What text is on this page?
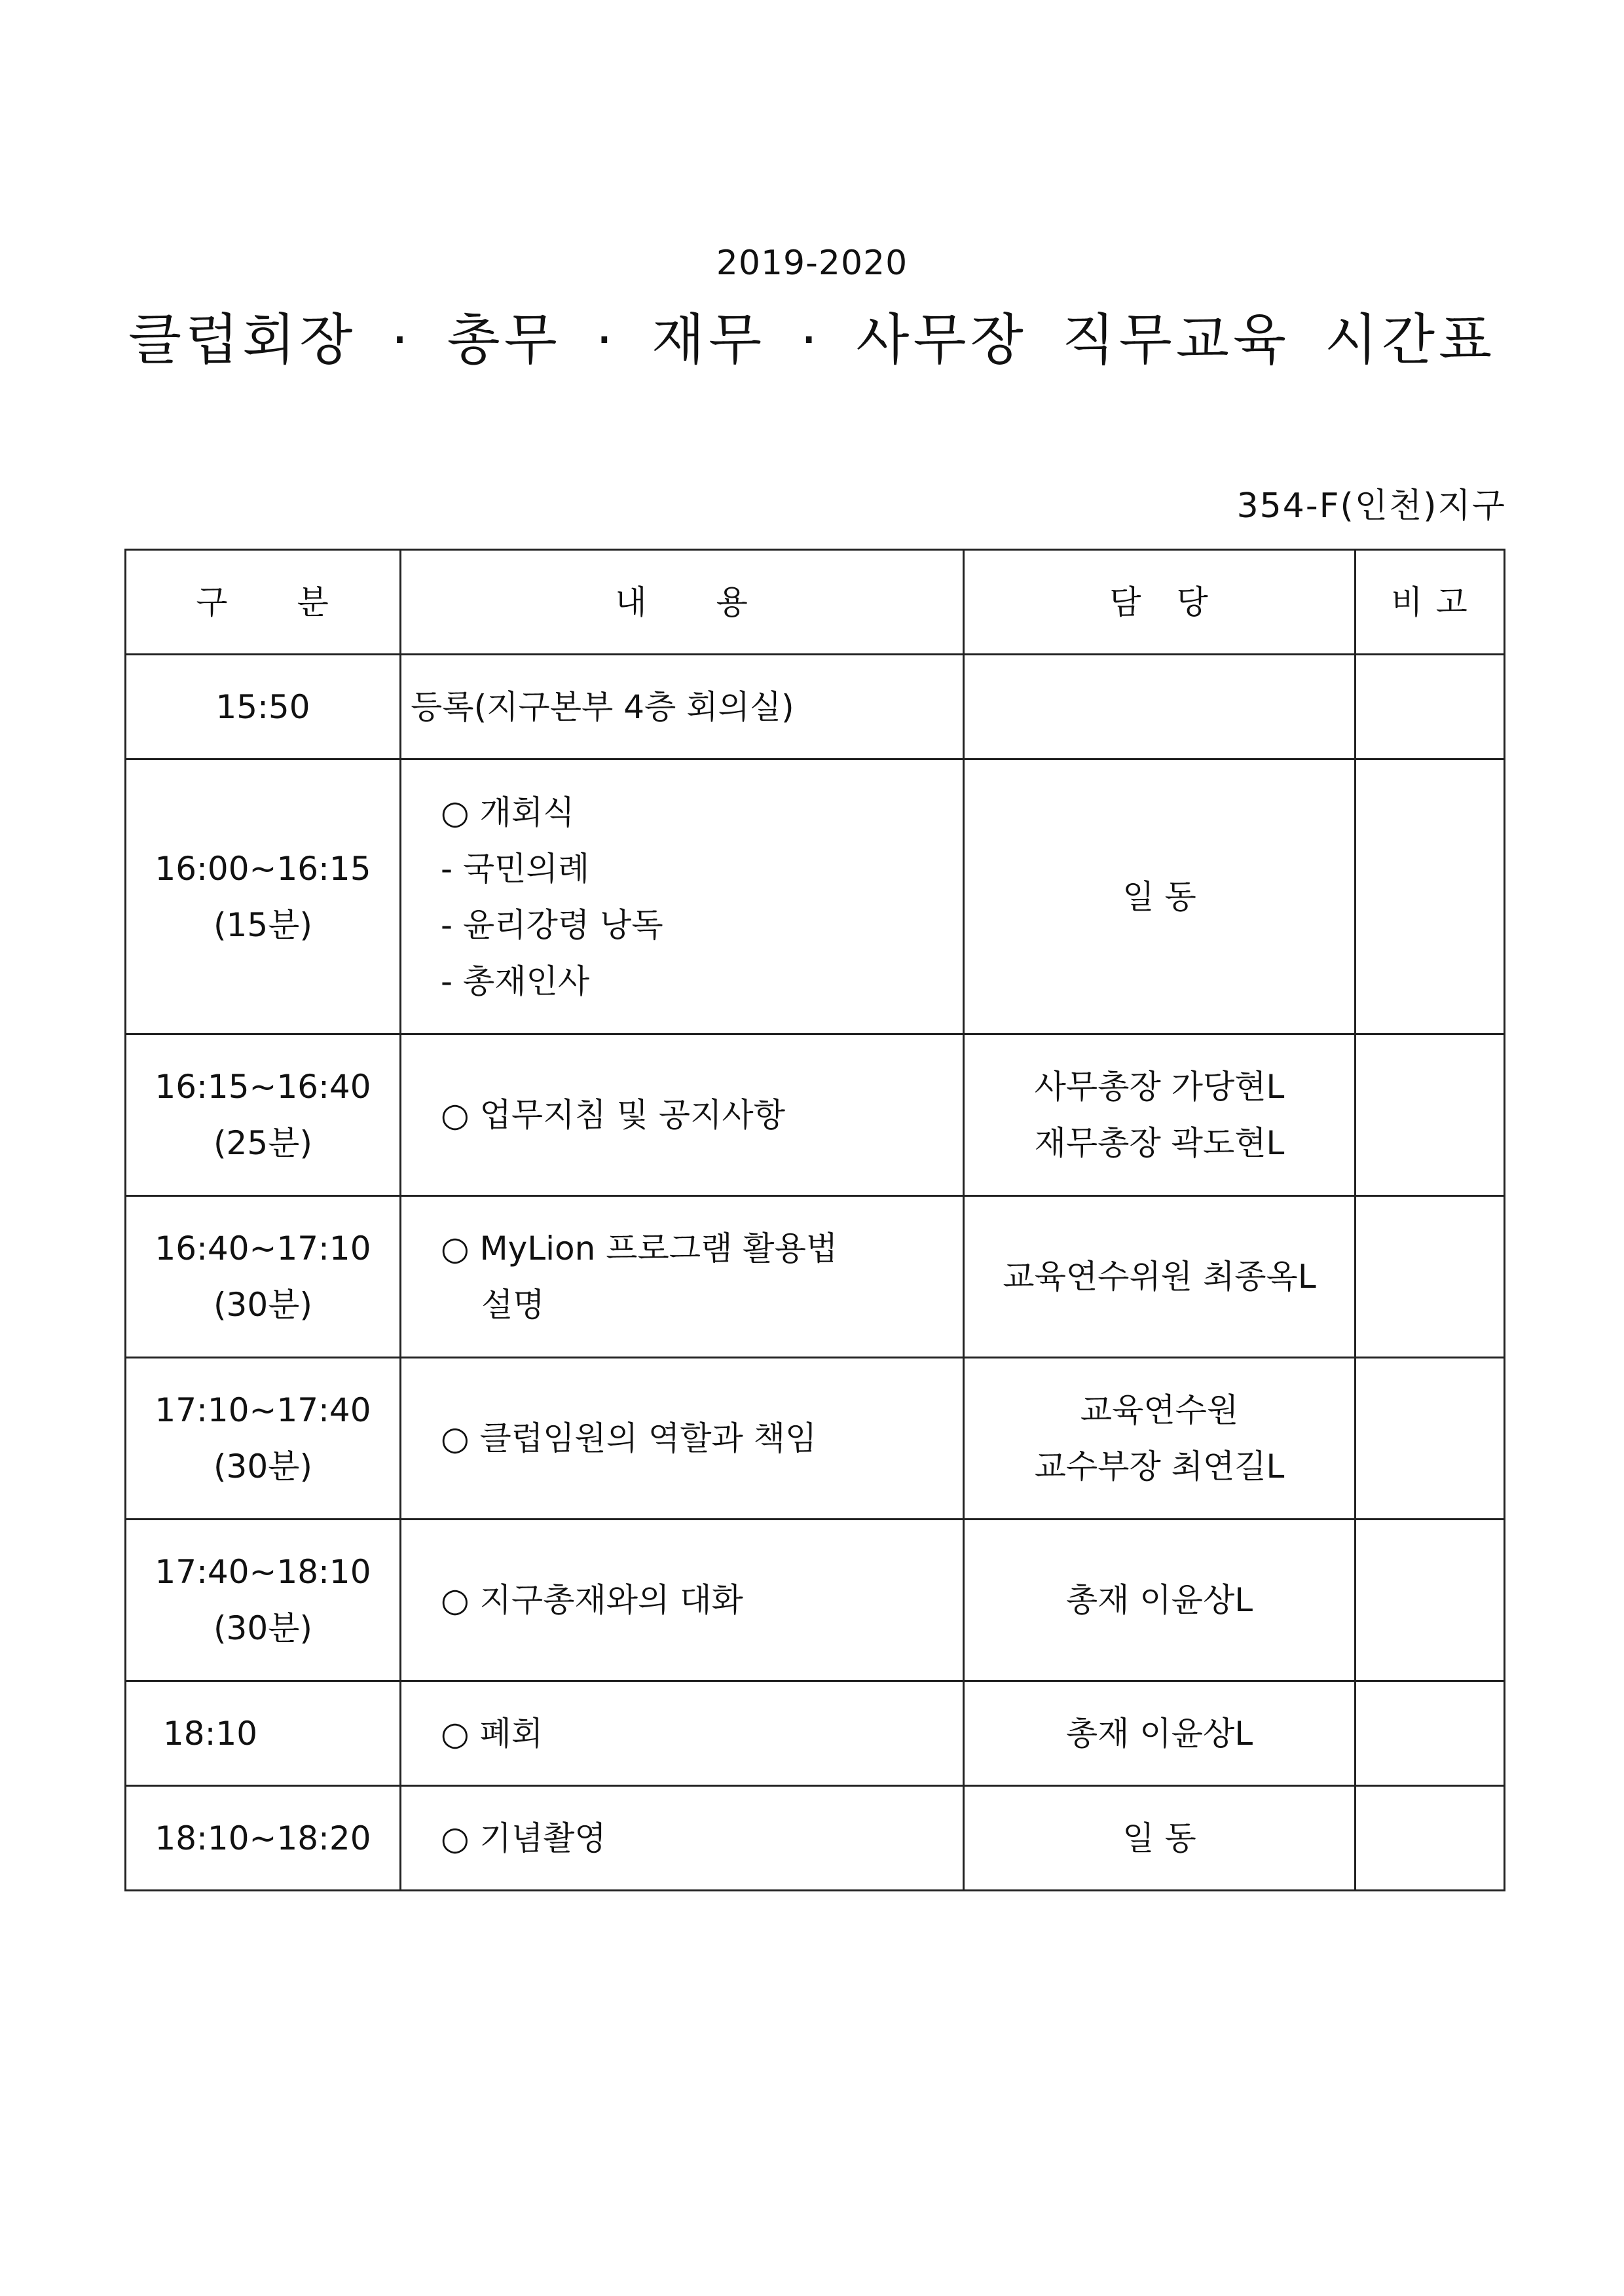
2019-2020
클럽회장 · 총무 · 재무 · 사무장 직무교육 시간표
354-F(인천)지구
구　　분	내　　용	담　당	비 고

15:50	등록(지구본부 4층 회의실)		

16:00~16:15
(15분)	○ 개회식
- 국민의례
- 윤리강령 낭독
- 총재인사	일 동	

16:15~16:40
(25분)	○ 업무지침 및 공지사항	사무총장 가당현L
재무총장 곽도현L	

16:40~17:10
(30분)	○ MyLion 프로그램 활용법
설명	교육연수위원 최종옥L	

17:10~17:40
(30분)	○ 클럽임원의 역할과 책임	교육연수원
교수부장 최연길L	

17:40~18:10
(30분)	○ 지구총재와의 대화	총재 이윤상L	

18:10	○ 폐회	총재 이윤상L	

18:10~18:20	○ 기념촬영	일 동	
